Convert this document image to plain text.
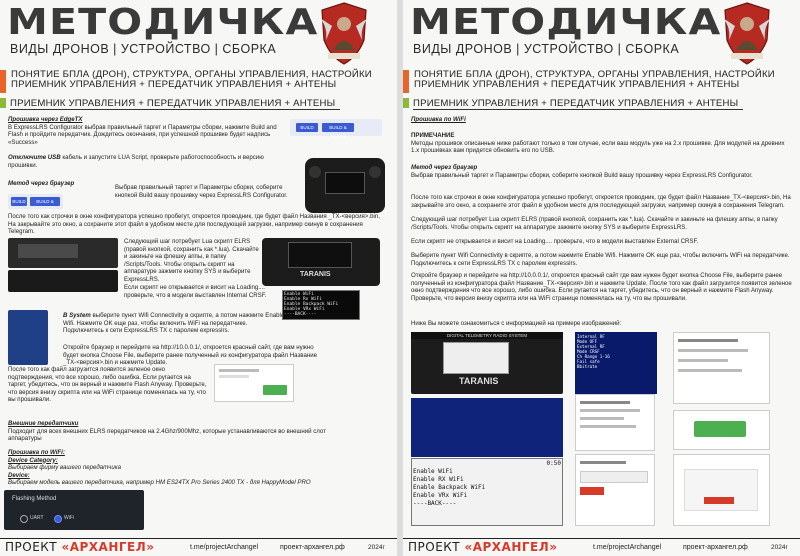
МЕТОДИЧКА
ВИДЫ ДРОНОВ | УСТРОЙСТВО | СБОРКА
ПОНЯТИЕ БПЛА (ДРОН), СТРУКТУРА, ОРГАНЫ УПРАВЛЕНИЯ, НАСТРОЙКИ
ПРИЕМНИК УПРАВЛЕНИЯ + ПЕРЕДАТЧИК УПРАВЛЕНИЯ + АНТЕНЫ
ПРИЕМНИК УПРАВЛЕНИЯ + ПЕРЕДАТЧИК УПРАВЛЕНИЯ + АНТЕНЫ
Прошивка через EdgeTX
В ExpressLRS Configurator выбрав правильный таргет и Параметры сборки, нажмите Build and Flash и пройдите передатчик. Дождитесь окончания, при успешной прошивке будет надпись «Success»
BUILD	BUILD & FLASH
Отключите USB кабель и запустите LUA Script, проверьте работоспособность и версию прошивки.
Метод через браузер
BUILD	BUILD & FLASH
Выбрав правильный таргет и Параметры сборки, соберите кнопкой Build вашу прошивку через ExpressLRS Configurator.
После того как строчки в окне конфигуратора успешно пробегут, откроется проводник, где будет файл Названия _TX-<версия>.bin, На закрывайте это окно, а сохраните этот файл в удобном месте для последующей загрузки, например скинув в сохранения Telegram.
Следующий шаг потребует Lua скрипт ELRS (правой кнопкой, сохранить как *.lua). Скачайте и закиньте на флешку аппы, в папку /Scripts/Tools. Чтобы открыть скрипт на аппаратуре зажмите кнопку SYS и выберите ExpressLRS.
TARANIS
Если скрипт не открывается и висит на Loading.... проверьте, что в модели выставлен Internal CRSF.	Enable WiFi
Enable Rx WiFi
Enable Backpack WiFi
Enable VRx WiFi
----BACK----
В System выберите пункт Wifi Connectivity в скрипте, а потом нажмите Enable Wifi. Нажмите OK еще раз, чтобы включить WiFi на передатчике. Подключитесь к сети ExpressLRS TX с паролем expresslrs.
Откройте браузер и перейдите на http://10.0.0.1/, откроется красный сайт, где вам нужно будет кнопка Choose File, выберите ранее полученный из конфигуратора файл Название _TX-<версия>.bin и нажмите Update.
После того как файл загрузится появится зеленое окно подтверждения, что все хорошо, либо ошибка. Если ругается на таргет, убедитесь, что он верный и нажмите Flash Anyway. Проверьте, что версия внизу скрипта или на WiFi странице поменялась на ту, что вы прошивали.
Внешние передатчики
Подходит для всех внешних ELRS передатчиков на 2.4Ghz/900Mhz, которые устанавливаются во внешний слот аппаратуры
Прошивка по WiFi:
Device Category:
Выбираем фирму вашего передатчика
Device:
Выбираем модель вашего передатчика, например HM ES24TX Pro Series 2400 TX - для HappyModel PRO
Flashing Method
UART	WiFi
ПРОЕКТ «АРХАНГЕЛ»	t.me/projectArchangel	проект-архангел.рф	2024г
МЕТОДИЧКА
ВИДЫ ДРОНОВ | УСТРОЙСТВО | СБОРКА
ПОНЯТИЕ БПЛА (ДРОН), СТРУКТУРА, ОРГАНЫ УПРАВЛЕНИЯ, НАСТРОЙКИ
ПРИЕМНИК УПРАВЛЕНИЯ + ПЕРЕДАТЧИК УПРАВЛЕНИЯ + АНТЕНЫ
ПРИЕМНИК УПРАВЛЕНИЯ + ПЕРЕДАТЧИК УПРАВЛЕНИЯ + АНТЕНЫ
Прошивка по WiFi
ПРИМЕЧАНИЕ
Методы прошивок описанные ниже работают только в том случае, если ваш модуль уже на 2.x прошивке. Для модулей на древних 1.x прошивках вам придется обновить его по USB.
Метод через браузер
Выбрав правильный таргет и Параметры сборки, соберите кнопкой Build вашу прошивку через ExpressLRS Configurator.
После того как строчки в окне конфигуратора успешно пробегут, откроется проводник, где будет файл Название_TX-<версия>.bin, На закрывайте это окно, а сохраните этот файл в удобном месте для последующей загрузки, например скинув в сохранения Telegram.
Следующий шаг потребует Lua скрипт ELRS (правой кнопкой, сохранить как *.lua). Скачайте и закиньте на флешку аппы, в папку /Scripts/Tools. Чтобы открыть скрипт на аппаратуре зажмите кнопку SYS и выберите ExpressLRS.
Если скрипт не открывается и висит на Loading.... проверьте, что в модели выставлен External CRSF.
Выберите пункт Wifi Connectivity в скрипте, а потом нажмите Enable Wifi. Нажмите OK еще раз, чтобы включить WiFi на передатчике. Подключитесь к сети ExpressLRS TX с паролем expresslrs.
Откройте браузер и перейдите на http://10.0.0.1/, откроется красный сайт где вам нужен будет кнопка Choose File, выберите ранее полученный из конфигуратора файл Название_TX-<версия>.bin и нажмите Update. После того как файл загрузится появится зеленое окно подтверждения что все хорошо, либо ошибка. Если ругается на таргет, убедитесь, что он верный и нажмите Flash Anyway. Проверьте, что версия внизу скрипта или на WiFi странице поменялась на ту, что вы прошивали.
Ниже Вы можете ознакомиться с информацией на примере изображений:
DIGITAL TELEMETRY RADIO SYSTEM
TARANIS
0:50
Enable WiFi
Enable RX WiFi
Enable Backpack WiFi
Enable VRx WiFi
----BACK----
Internal RF
Mode OFF
External RF
Mode CRSF
Ch Range 1-16
Fail safe
Bbitrate
ПРОЕКТ «АРХАНГЕЛ»	t.me/projectArchangel	проект-архангел.рф	2024г
